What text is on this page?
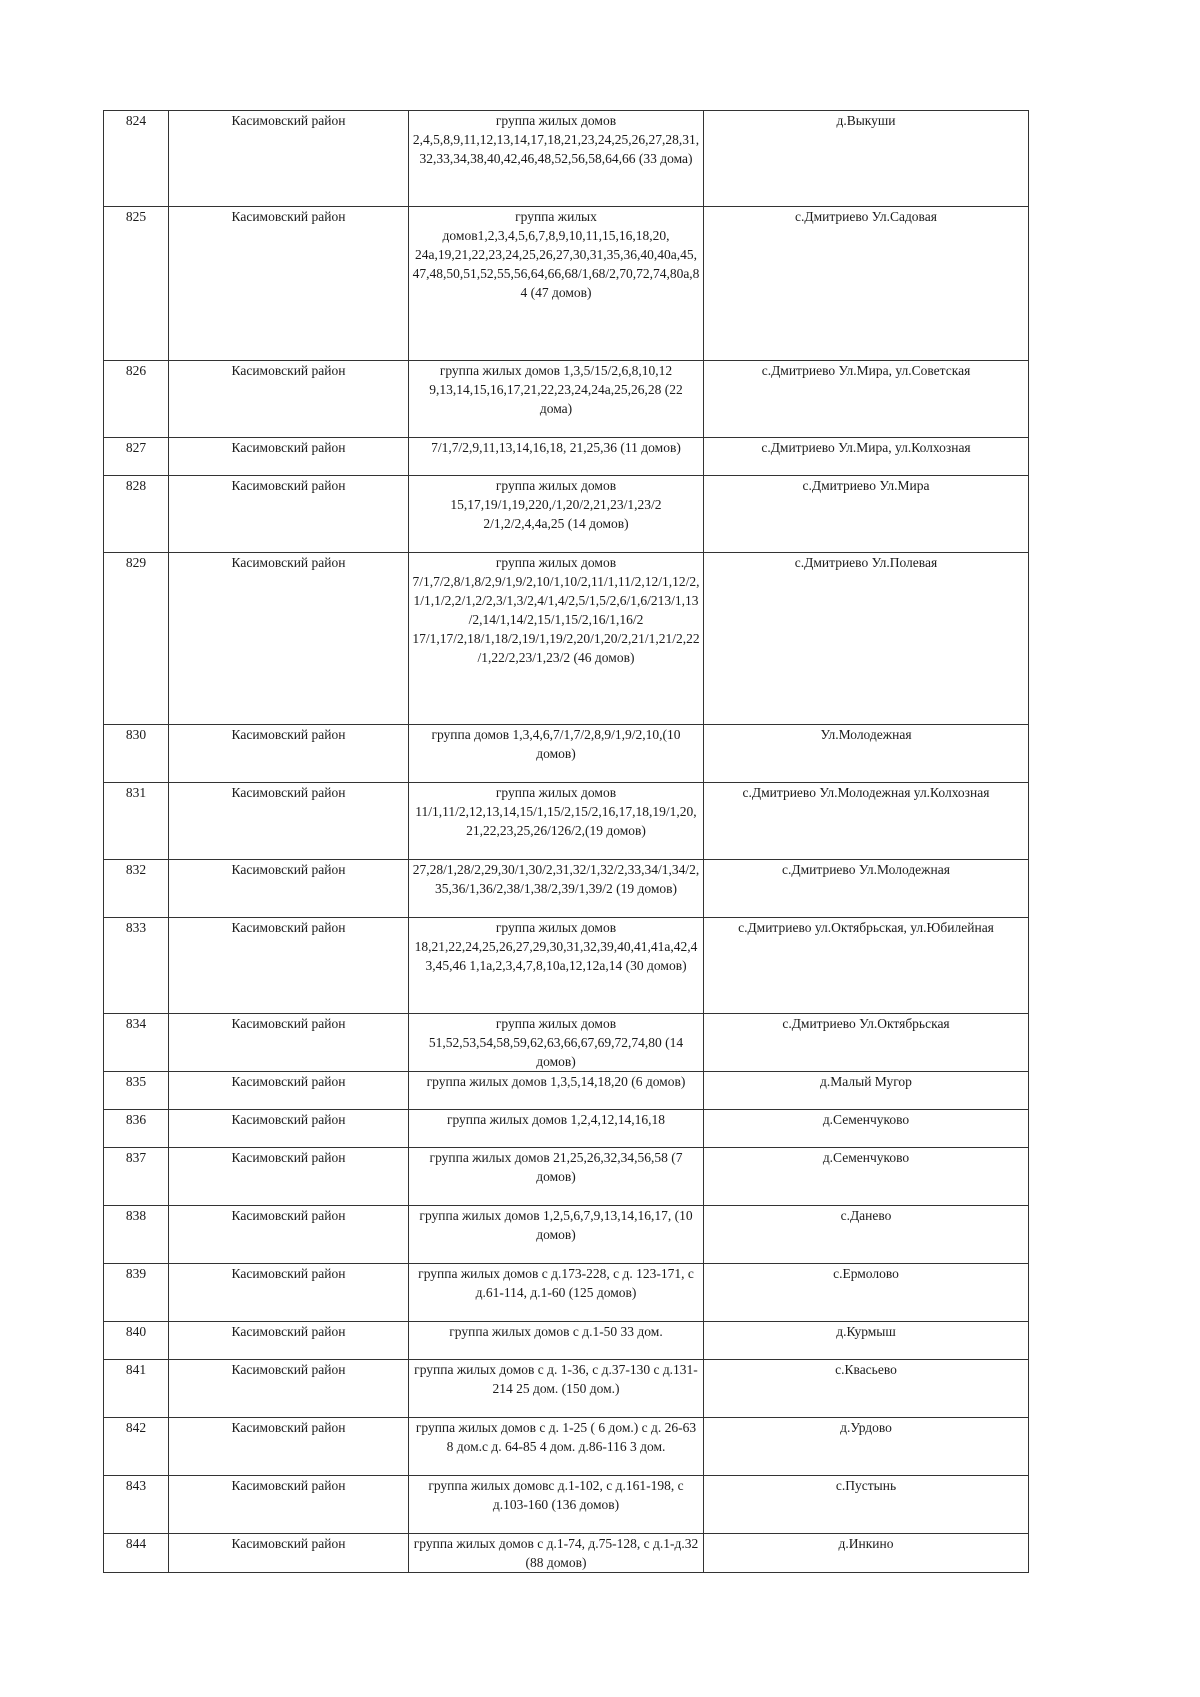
824	Касимовский район	группа жилых домов 2,4,5,8,9,11,12,13,14,17,18,21,23,24,25,26,27,28,31,32,33,34,38,40,42,46,48,52,56,58,64,66 (33 дома)	д.Выкуши
825	Касимовский район	группа жилых домов1,2,3,4,5,6,7,8,9,10,11,15,16,18,20, 24а,19,21,22,23,24,25,26,27,30,31,35,36,40,40а,45,47,48,50,51,52,55,56,64,66,68/1,68/2,70,72,74,80а,84 (47 домов)	с.Дмитриево Ул.Садовая
826	Касимовский район	группа жилых домов 1,3,5/15/2,6,8,10,12 9,13,14,15,16,17,21,22,23,24,24а,25,26,28 (22 дома)	с.Дмитриево Ул.Мира, ул.Советская
827	Касимовский район	7/1,7/2,9,11,13,14,16,18, 21,25,36 (11 домов)	с.Дмитриево Ул.Мира, ул.Колхозная
828	Касимовский район	группа жилых домов 15,17,19/1,19,220,/1,20/2,21,23/1,23/2 2/1,2/2,4,4а,25 (14 домов)	с.Дмитриево Ул.Мира
829	Касимовский район	группа жилых домов 7/1,7/2,8/1,8/2,9/1,9/2,10/1,10/2,11/1,11/2,12/1,12/2, 1/1,1/2,2/1,2/2,3/1,3/2,4/1,4/2,5/1,5/2,6/1,6/213/1,13/2,14/1,14/2,15/1,15/2,16/1,16/2 17/1,17/2,18/1,18/2,19/1,19/2,20/1,20/2,21/1,21/2,22/1,22/2,23/1,23/2 (46 домов)	с.Дмитриево Ул.Полевая
830	Касимовский район	группа домов 1,3,4,6,7/1,7/2,8,9/1,9/2,10,(10 домов)	Ул.Молодежная
831	Касимовский район	группа жилых домов 11/1,11/2,12,13,14,15/1,15/2,15/2,16,17,18,19/1,20,21,22,23,25,26/126/2,(19 домов)	с.Дмитриево Ул.Молодежная ул.Колхозная
832	Касимовский район	27,28/1,28/2,29,30/1,30/2,31,32/1,32/2,33,34/1,34/2,35,36/1,36/2,38/1,38/2,39/1,39/2 (19 домов)	с.Дмитриево Ул.Молодежная
833	Касимовский район	группа жилых домов 18,21,22,24,25,26,27,29,30,31,32,39,40,41,41а,42,43,45,46 1,1а,2,3,4,7,8,10а,12,12а,14 (30 домов)	с.Дмитриево ул.Октябрьская, ул.Юбилейная
834	Касимовский район	группа жилых домов 51,52,53,54,58,59,62,63,66,67,69,72,74,80 (14 домов)	с.Дмитриево Ул.Октябрьская
835	Касимовский район	группа жилых домов 1,3,5,14,18,20 (6 домов)	д.Малый Мугор
836	Касимовский район	группа жилых домов 1,2,4,12,14,16,18	д.Семенчуково
837	Касимовский район	группа жилых домов 21,25,26,32,34,56,58 (7 домов)	д.Семенчуково
838	Касимовский район	группа жилых домов 1,2,5,6,7,9,13,14,16,17, (10 домов)	с.Данево
839	Касимовский район	группа жилых домов с д.173-228, с д. 123-171, с д.61-114, д.1-60 (125 домов)	с.Ермолово
840	Касимовский район	группа жилых домов с д.1-50 33 дом.	д.Курмыш
841	Касимовский район	группа жилых домов с д. 1-36, с д.37-130 с д.131-214 25 дом. (150 дом.)	с.Квасьево
842	Касимовский район	группа жилых домов с д. 1-25 ( 6 дом.) с д. 26-63 8 дом.с д. 64-85 4 дом. д.86-116 3 дом.	д.Урдово
843	Касимовский район	группа жилых домовс д.1-102, с д.161-198, с д.103-160 (136 домов)	с.Пустынь
844	Касимовский район	группа жилых домов с д.1-74, д.75-128, с д.1-д.32 (88 домов)	д.Инкино
